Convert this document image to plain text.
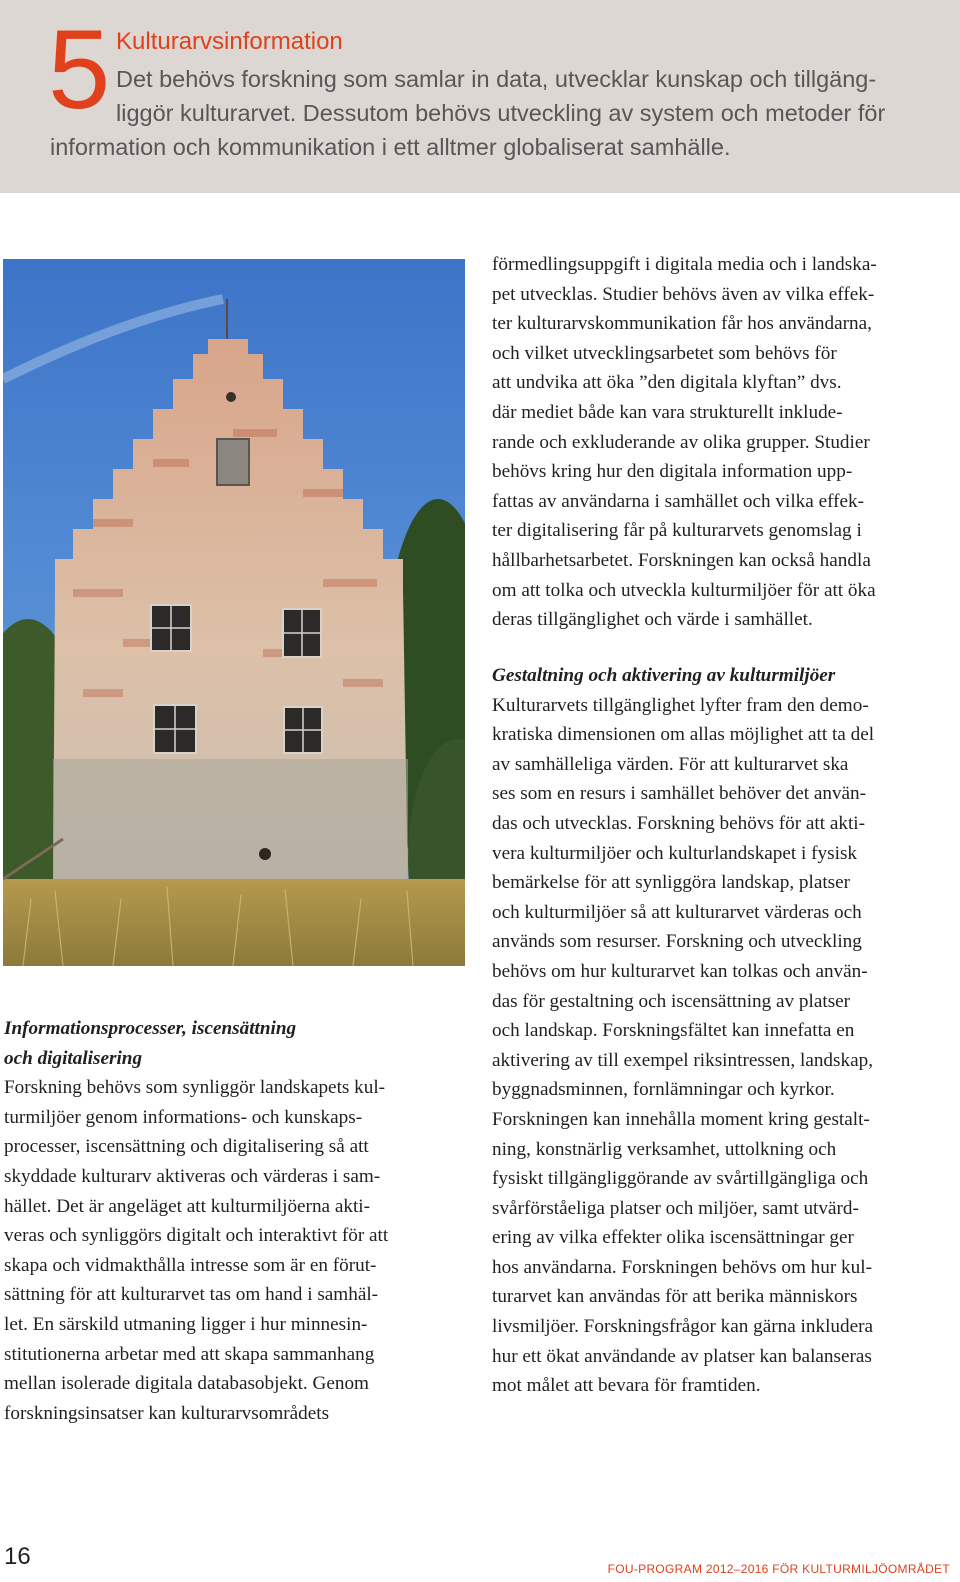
5 Kulturarvsinformation
Det behövs forskning som samlar in data, utvecklar kunskap och tillgäng-
liggör kulturarvet. Dessutom behövs utveckling av system och metoder för
information och kommunikation i ett alltmer globaliserat samhälle.
Informationsprocesser, iscensättning
och digitalisering
Forskning behövs som synliggör landskapets kul-
turmiljöer genom informations- och kunskaps-
processer, iscensättning och digitalisering så att
skyddade kulturarv aktiveras och värderas i sam-
hället. Det är angeläget att kulturmiljöerna akti-
veras och synliggörs digitalt och interaktivt för att
skapa och vidmakthålla intresse som är en förut-
sättning för att kulturarvet tas om hand i samhäl-
let. En särskild utmaning ligger i hur minnesin-
stitutionerna arbetar med att skapa sammanhang
mellan isolerade digitala databasobjekt. Genom
forskningsinsatser kan kulturarvsområdets
förmedlingsuppgift i digitala media och i landska-
pet utvecklas. Studier behövs även av vilka effek-
ter kulturarvskommunikation får hos användarna,
och vilket utvecklingsarbetet som behövs för
att undvika att öka ”den digitala klyftan” dvs.
där mediet både kan vara strukturellt inklude-
rande och exkluderande av olika grupper. Studier
behövs kring hur den digitala information upp-
fattas av användarna i samhället och vilka effek-
ter digitalisering får på kulturarvets genomslag i
hållbarhetsarbetet. Forskningen kan också handla
om att tolka och utveckla kulturmiljöer för att öka
deras tillgänglighet och värde i samhället.
Gestaltning och aktivering av kulturmiljöer
Kulturarvets tillgänglighet lyfter fram den demo-
kratiska dimensionen om allas möjlighet att ta del
av samhälleliga värden. För att kulturarvet ska
ses som en resurs i samhället behöver det använ-
das och utvecklas. Forskning behövs för att akti-
vera kulturmiljöer och kulturlandskapet i fysisk
bemärkelse för att synliggöra landskap, platser
och kulturmiljöer så att kulturarvet värderas och
används som resurser. Forskning och utveckling
behövs om hur kulturarvet kan tolkas och använ-
das för gestaltning och iscensättning av platser
och landskap. Forskningsfältet kan innefatta en
aktivering av till exempel riksintressen, landskap,
byggnadsminnen, fornlämningar och kyrkor.
Forskningen kan innehålla moment kring gestalt-
ning, konstnärlig verksamhet, uttolkning och
fysiskt tillgängliggörande av svårtillgängliga och
svårförståeliga platser och miljöer, samt utvärd-
ering av vilka effekter olika iscensättningar ger
hos användarna. Forskningen behövs om hur kul-
turarvet kan användas för att berika människors
livsmiljöer. Forskningsfrågor kan gärna inkludera
hur ett ökat användande av platser kan balanseras
mot målet att bevara för framtiden.
16	FOU-PROGRAM 2012–2016 FÖR KULTURMILJÖOMRÅDET
